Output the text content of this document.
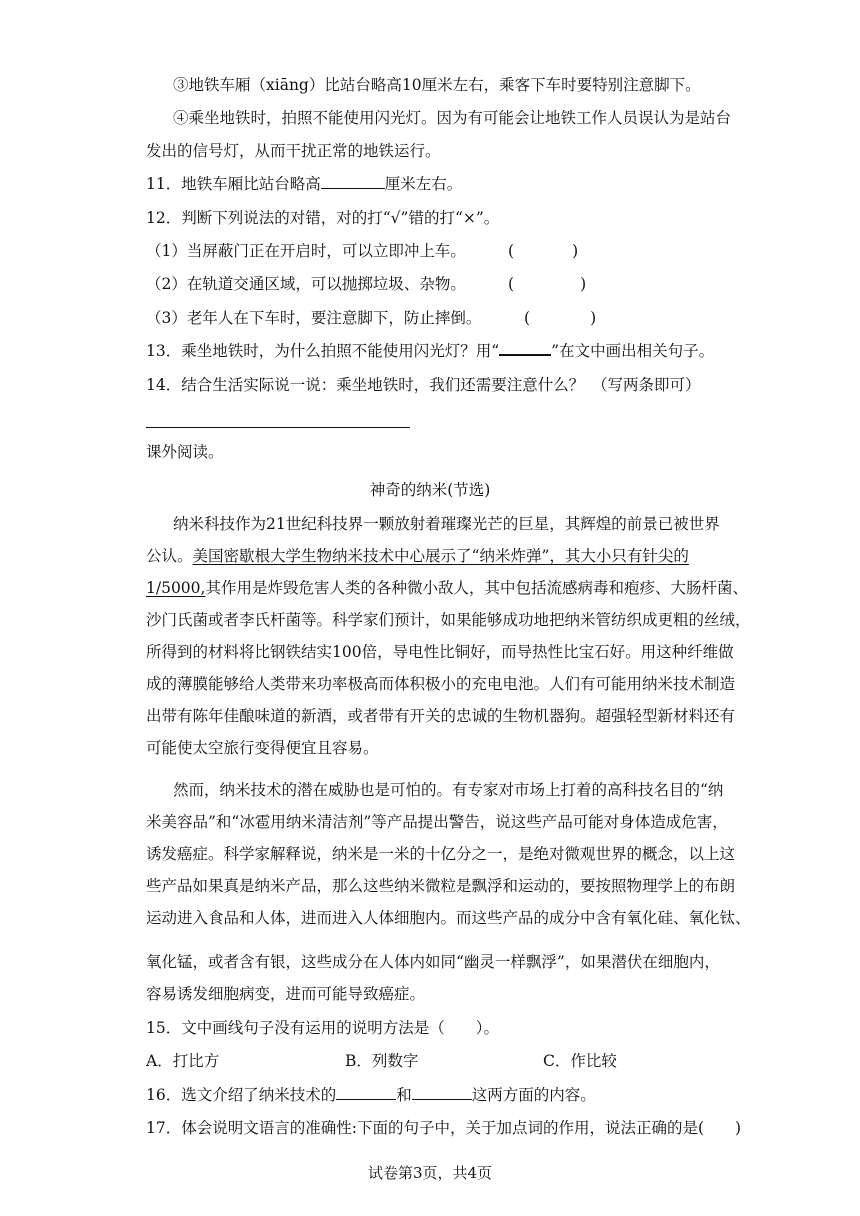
③地铁车厢（xiāng）比站台略高10厘米左右，乘客下车时要特别注意脚下。
④乘坐地铁时，拍照不能使用闪光灯。因为有可能会让地铁工作人员误认为是站台
发出的信号灯，从而干扰正常的地铁运行。
11．地铁车厢比站台略高	厘米左右。
12．判断下列说法的对错，对的打“√”错的打“×”。
（1）当屏蔽门正在开启时，可以立即冲上车。	(	)
（2）在轨道交通区域，可以抛掷垃圾、杂物。	(	)
（3）老年人在下车时，要注意脚下，防止摔倒。	(	)
13．乘坐地铁时，为什么拍照不能使用闪光灯？用“	”在文中画出相关句子。
14．结合生活实际说一说：乘坐地铁时，我们还需要注意什么？　（写两条即可）
课外阅读。
神奇的纳米(节选)
纳米科技作为21世纪科技界一颗放射着璀璨光芒的巨星，其辉煌的前景已被世界
公认。美国密歇根大学生物纳米技术中心展示了“纳米炸弹”，其大小只有针尖的
1/5000,其作用是炸毁危害人类的各种微小敌人，其中包括流感病毒和疱疹、大肠杆菌、
沙门氏菌或者李氏杆菌等。科学家们预计，如果能够成功地把纳米管纺织成更粗的丝绒，
所得到的材料将比钢铁结实100倍，导电性比铜好，而导热性比宝石好。用这种纤维做
成的薄膜能够给人类带来功率极高而体积极小的充电电池。人们有可能用纳米技术制造
出带有陈年佳酿味道的新酒，或者带有开关的忠诚的生物机器狗。超强轻型新材料还有
可能使太空旅行变得便宜且容易。
然而，纳米技术的潜在威胁也是可怕的。有专家对市场上打着的高科技名目的“纳
米美容品”和“冰雹用纳米清洁剂”等产品提出警告，说这些产品可能对身体造成危害，
诱发癌症。科学家解释说，纳米是一米的十亿分之一，是绝对微观世界的概念，以上这
些产品如果真是纳米产品，那么这些纳米微粒是飘浮和运动的，要按照物理学上的布朗
运动进入食品和人体，进而进入人体细胞内。而这些产品的成分中含有氧化硅、氧化钛、
氧化锰，或者含有银，这些成分在人体内如同“幽灵一样飘浮”，如果潜伏在细胞内，
容易诱发细胞病变，进而可能导致癌症。
15．文中画线句子没有运用的说明方法是（　　）。
A．打比方	B．列数字	C．作比较
16．选文介绍了纳米技术的	和	这两方面的内容。
17．体会说明文语言的准确性:下面的句子中，关于加点词的作用，说法正确的是(　　)
试卷第3页，共4页
